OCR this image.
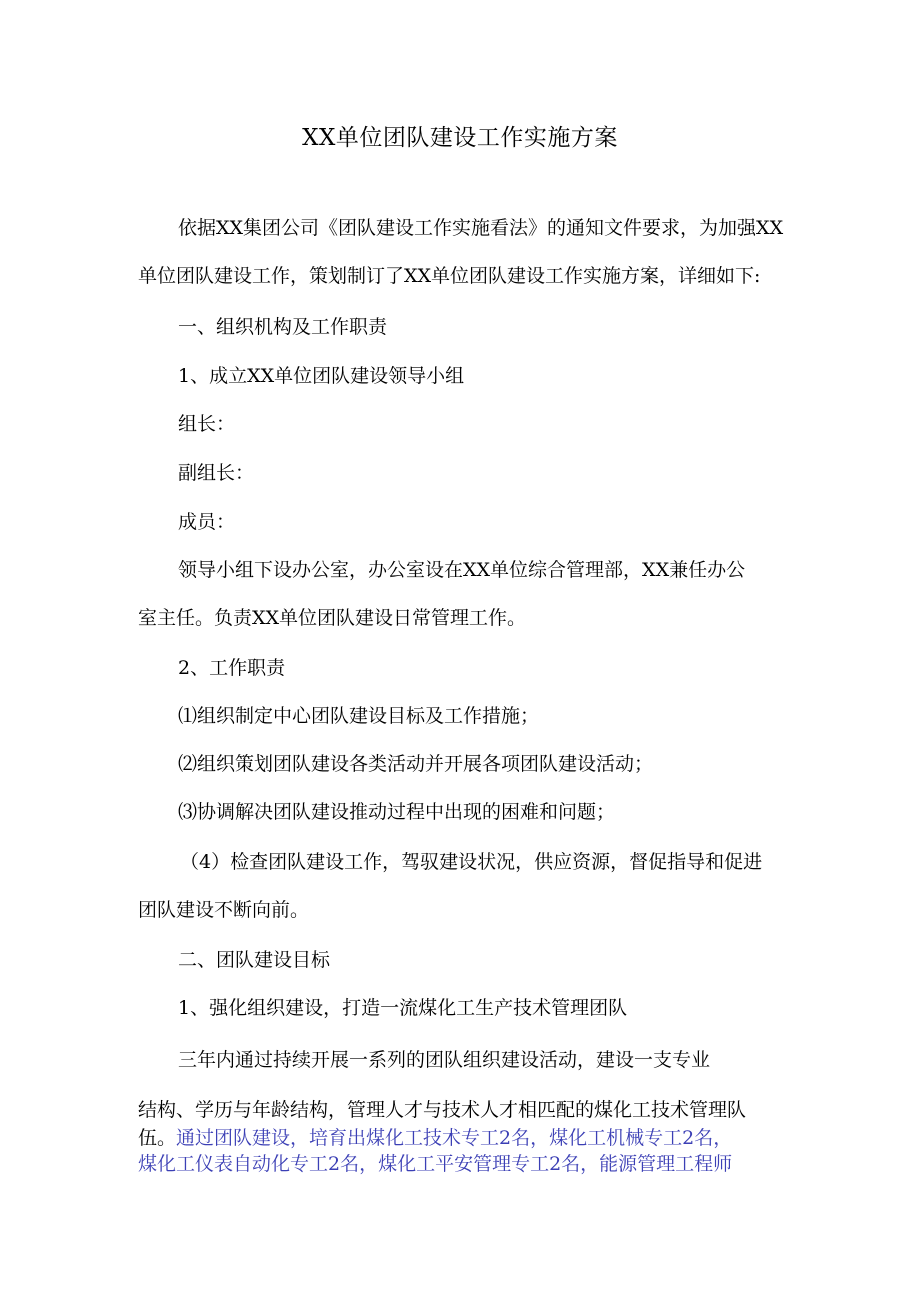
XX单位团队建设工作实施方案
依据XX集团公司《团队建设工作实施看法》的通知文件要求，为加强XX
单位团队建设工作，策划制订了XX单位团队建设工作实施方案，详细如下:
一、组织机构及工作职责
1、成立XX单位团队建设领导小组
组长：
副组长：
成员：
领导小组下设办公室，办公室设在XX单位综合管理部，XX兼任办公
室主任。负责XX单位团队建设日常管理工作。
2、工作职责
⑴组织制定中心团队建设目标及工作措施；
⑵组织策划团队建设各类活动并开展各项团队建设活动；
⑶协调解决团队建设推动过程中出现的困难和问题；
（4）检查团队建设工作，驾驭建设状况，供应资源，督促指导和促进
团队建设不断向前。
二、团队建设目标
1、强化组织建设，打造一流煤化工生产技术管理团队
三年内通过持续开展一系列的团队组织建设活动，建设一支专业
结构、学历与年龄结构，管理人才与技术人才相匹配的煤化工技术管理队
伍。通过团队建设，培育出煤化工技术专工2名，煤化工机械专工2名，
煤化工仪表自动化专工2名，煤化工平安管理专工2名，能源管理工程师
